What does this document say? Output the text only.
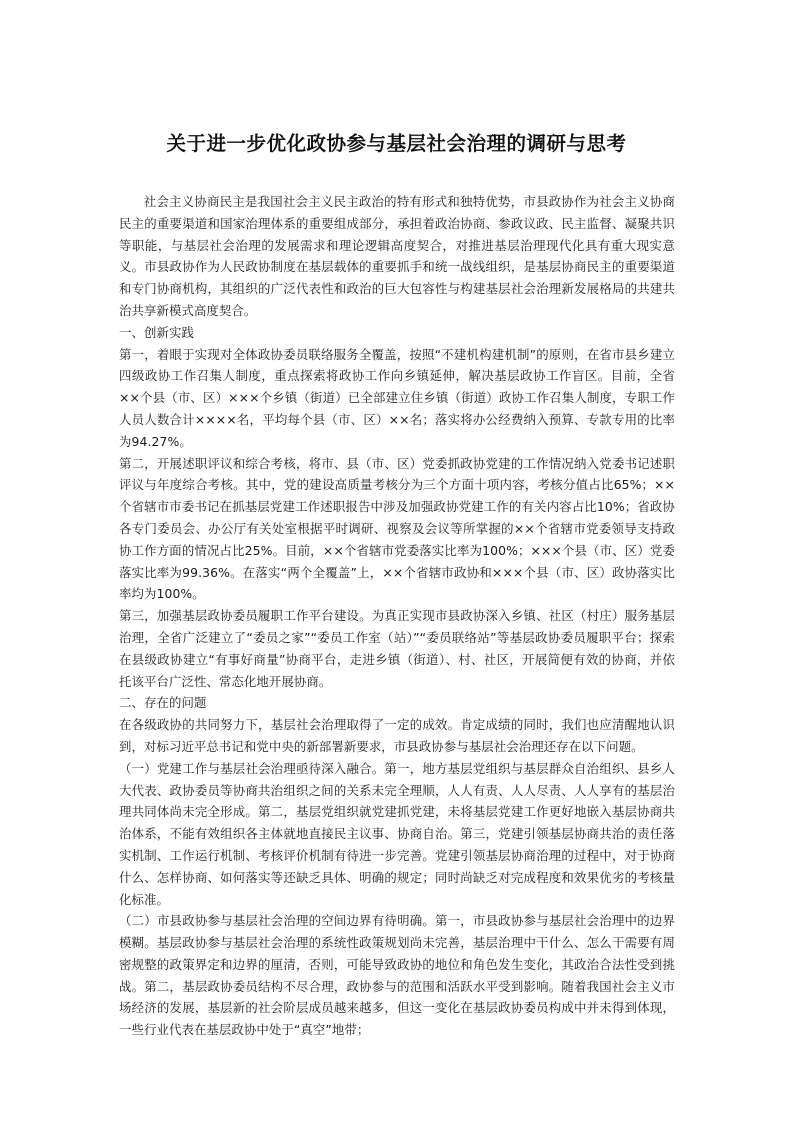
关于进一步优化政协参与基层社会治理的调研与思考

社会主义协商民主是我国社会主义民主政治的特有形式和独特优势，市县政协作为社会主义协商民主的重要渠道和国家治理体系的重要组成部分，承担着政治协商、参政议政、民主监督、凝聚共识等职能，与基层社会治理的发展需求和理论逻辑高度契合，对推进基层治理现代化具有重大现实意义。市县政协作为人民政协制度在基层载体的重要抓手和统一战线组织，是基层协商民主的重要渠道和专门协商机构，其组织的广泛代表性和政治的巨大包容性与构建基层社会治理新发展格局的共建共治共享新模式高度契合。

一、创新实践

第一，着眼于实现对全体政协委员联络服务全覆盖，按照“不建机构建机制”的原则，在省市县乡建立四级政协工作召集人制度，重点探索将政协工作向乡镇延伸，解决基层政协工作盲区。目前，全省××个县（市、区）×××个乡镇（街道）已全部建立住乡镇（街道）政协工作召集人制度，专职工作人员人数合计××××名，平均每个县（市、区）××名；落实将办公经费纳入预算、专款专用的比率为94.27%。

第二，开展述职评议和综合考核，将市、县（市、区）党委抓政协党建的工作情况纳入党委书记述职评议与年度综合考核。其中，党的建设高质量考核分为三个方面十项内容，考核分值占比65%；××个省辖市市委书记在抓基层党建工作述职报告中涉及加强政协党建工作的有关内容占比10%；省政协各专门委员会、办公厅有关处室根据平时调研、视察及会议等所掌握的××个省辖市党委领导支持政协工作方面的情况占比25%。目前，××个省辖市党委落实比率为100%；×××个县（市、区）党委落实比率为99.36%。在落实“两个全覆盖”上，××个省辖市政协和×××个县（市、区）政协落实比率均为100%。

第三，加强基层政协委员履职工作平台建设。为真正实现市县政协深入乡镇、社区（村庄）服务基层治理，全省广泛建立了“委员之家”“委员工作室（站）”“委员联络站”等基层政协委员履职平台；探索在县级政协建立“有事好商量”协商平台，走进乡镇（街道）、村、社区，开展简便有效的协商，并依托该平台广泛性、常态化地开展协商。

二、存在的问题

在各级政协的共同努力下，基层社会治理取得了一定的成效。肯定成绩的同时，我们也应清醒地认识到，对标习近平总书记和党中央的新部署新要求，市县政协参与基层社会治理还存在以下问题。

（一）党建工作与基层社会治理亟待深入融合。第一，地方基层党组织与基层群众自治组织、县乡人大代表、政协委员等协商共治组织之间的关系未完全理顺，人人有责、人人尽责、人人享有的基层治理共同体尚未完全形成。第二，基层党组织就党建抓党建，未将基层党建工作更好地嵌入基层协商共治体系，不能有效组织各主体就地直接民主议事、协商自治。第三，党建引领基层协商共治的责任落实机制、工作运行机制、考核评价机制有待进一步完善。党建引领基层协商治理的过程中，对于协商什么、怎样协商、如何落实等还缺乏具体、明确的规定；同时尚缺乏对完成程度和效果优劣的考核量化标准。

（二）市县政协参与基层社会治理的空间边界有待明确。第一，市县政协参与基层社会治理中的边界模糊。基层政协参与基层社会治理的系统性政策规划尚未完善，基层治理中干什么、怎么干需要有周密规整的政策界定和边界的厘清，否则，可能导致政协的地位和角色发生变化，其政治合法性受到挑战。第二，基层政协委员结构不尽合理，政协参与的范围和活跃水平受到影响。随着我国社会主义市场经济的发展，基层新的社会阶层成员越来越多，但这一变化在基层政协委员构成中并未得到体现，一些行业代表在基层政协中处于“真空”地带；
